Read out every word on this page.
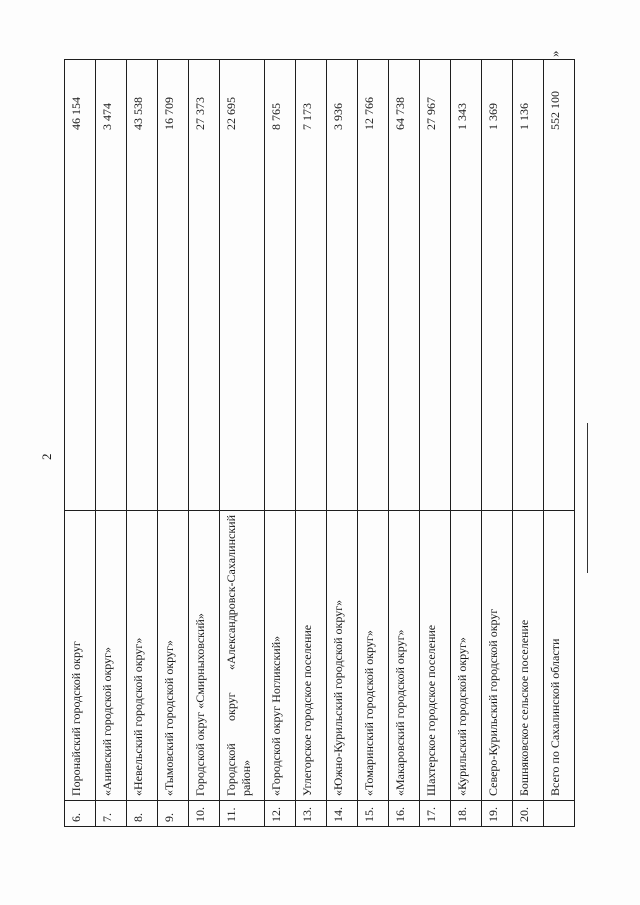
2
»
6.	Поронайский городской округ	46 154
7.	«Анивский городской округ»	3 474
8.	«Невельский городской округ»	43 538
9.	«Тымовский городской округ»	16 709
10.	Городской округ «Смирныховский»	27 373
11.	Городской округ «Александровск-Сахалинский район»	22 695
12.	«Городской округ Ногликский»	8 765
13.	Углегорское городское поселение	7 173
14.	«Южно-Курильский городской округ»	3 936
15.	«Томаринский городской округ»	12 766
16.	«Макаровский городской округ»	64 738
17.	Шахтерское городское поселение	27 967
18.	«Курильский городской округ»	1 343
19.	Северо-Курильский городской округ	1 369
20.	Бошняковское сельское поселение	1 136
	Всего по Сахалинской области	552 100
